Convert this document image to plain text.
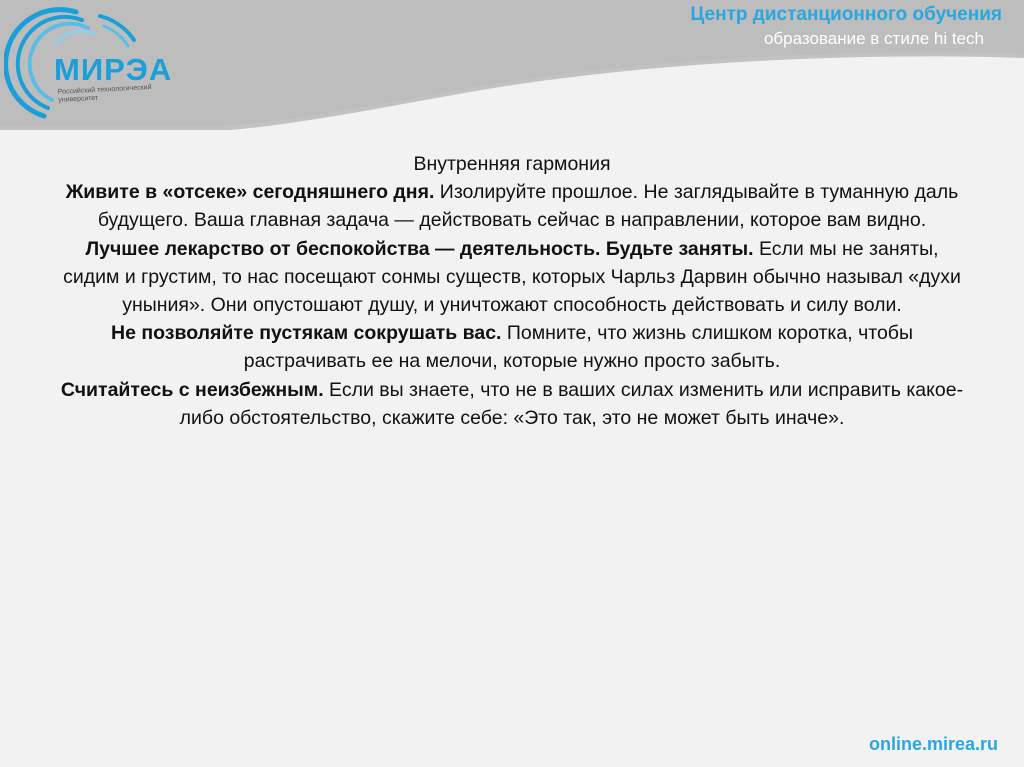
МИРЭА
Российский технологический университет
Центр дистанционного обучения
образование в стиле hi tech
Внутренняя гармония
Живите в «отсеке» сегодняшнего дня. Изолируйте прошлое. Не заглядывайте в туманную даль будущего. Ваша главная задача — действовать сейчас в направлении, которое вам видно.
Лучшее лекарство от беспокойства — деятельность. Будьте заняты. Если мы не заняты, сидим и грустим, то нас посещают сонмы существ, которых Чарльз Дарвин обычно называл «духи уныния». Они опустошают душу, и уничтожают способность действовать и силу воли.
Не позволяйте пустякам сокрушать вас. Помните, что жизнь слишком коротка, чтобы растрачивать ее на мелочи, которые нужно просто забыть.
Считайтесь с неизбежным. Если вы знаете, что не в ваших силах изменить или исправить какое-либо обстоятельство, скажите себе: «Это так, это не может быть иначе».
online.mirea.ru
